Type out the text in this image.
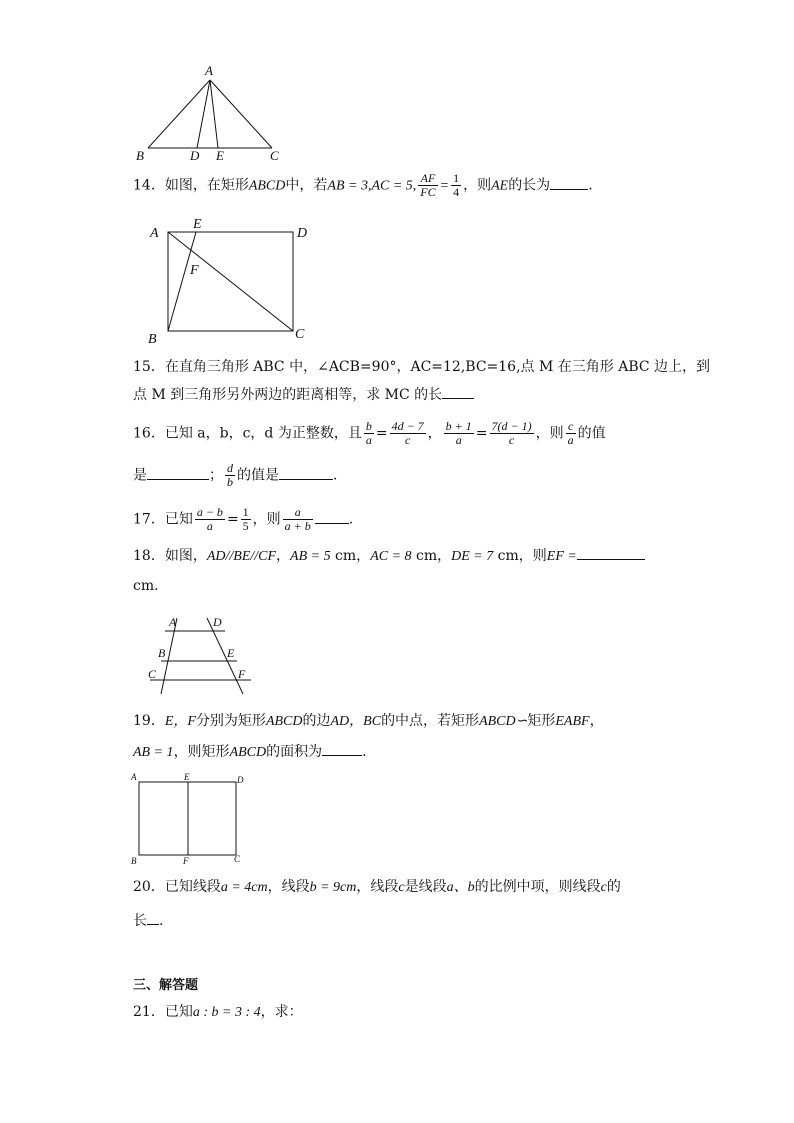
A
B	D E	C
14．如图，在矩形ABCD中，若AB = 3,AC = 5, $\frac{AF}{FC} = \frac{1}{4}$ ，则AE的长为	.
A
E
D
F
B	C
15．在直角三角形 ABC 中，∠ACB=90°，AC=12,BC=16,点 M 在三角形 ABC 边上，到
点 M 到三角形另外两边的距离相等，求 MC 的长
16．已知 a，b，c，d 为正整数，且 $\frac{b}{a} = \frac{4d - 7}{c}$ ， $\frac{b + 1}{a} = \frac{7(d - 1)}{c}$ ，则 $\frac{c}{a}$ 的值
是	； $\frac{d}{b}$ 的值是	.
17．已知 $\frac{a - b}{a} = \frac{1}{5}$ ，则 $\frac{a}{a + b}$	.
18．如图，AD//BE//CF，AB = 5 cm，AC = 8 cm，DE = 7 cm，则EF =
cm.
A	D
B	E
C	F
19．E，F分别为矩形ABCD的边AD，BC的中点，若矩形ABCD∽矩形EABF，
AB = 1，则矩形ABCD的面积为	.
A	E	D
B	F	C
20．已知线段a = 4cm，线段b = 9cm，线段c是线段a、b的比例中项，则线段c的
长 .
三、解答题
21．已知a : b = 3 : 4，求：
